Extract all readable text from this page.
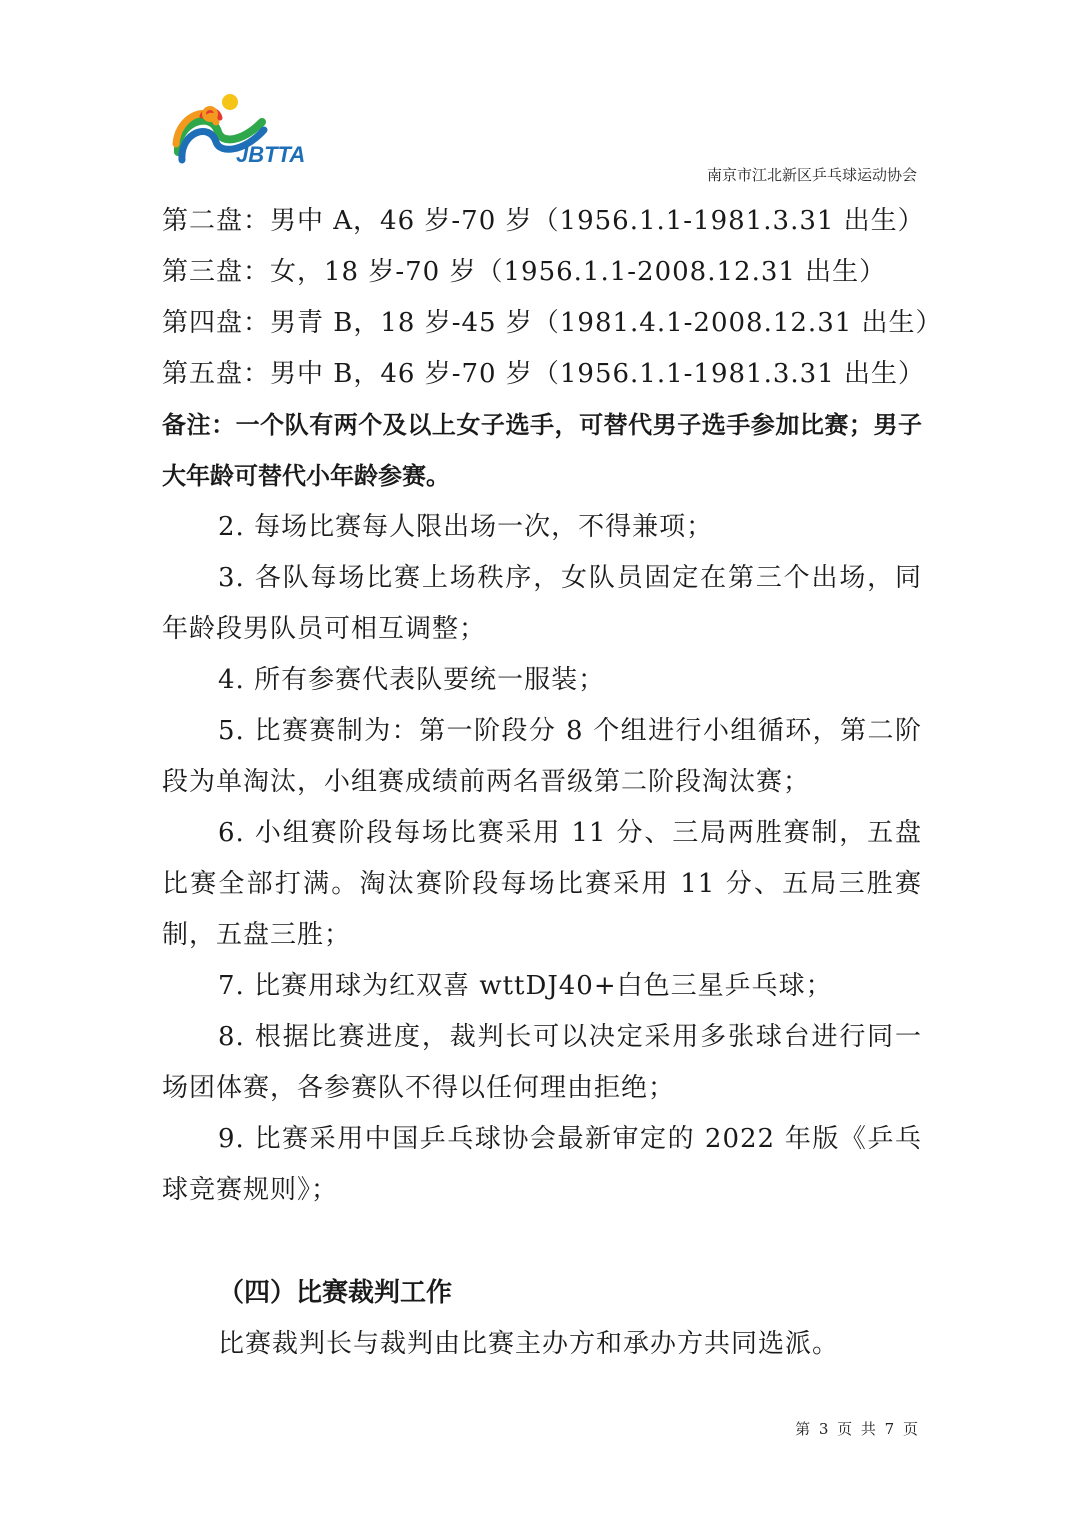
JBTTA
南京市江北新区乒乓球运动协会
第二盘：男中 A，46 岁-70 岁（1956.1.1-1981.3.31 出生）
第三盘：女，18 岁-70 岁（1956.1.1-2008.12.31 出生）
第四盘：男青 B，18 岁-45 岁（1981.4.1-2008.12.31 出生）
第五盘：男中 B，46 岁-70 岁（1956.1.1-1981.3.31 出生）
备注：一个队有两个及以上女子选手，可替代男子选手参加比赛；男子大年龄可替代小年龄参赛。
2. 每场比赛每人限出场一次，不得兼项；
3. 各队每场比赛上场秩序，女队员固定在第三个出场，同年龄段男队员可相互调整；
4. 所有参赛代表队要统一服装；
5. 比赛赛制为：第一阶段分 8 个组进行小组循环，第二阶段为单淘汰，小组赛成绩前两名晋级第二阶段淘汰赛；
6. 小组赛阶段每场比赛采用 11 分、三局两胜赛制，五盘比赛全部打满。淘汰赛阶段每场比赛采用 11 分、五局三胜赛制，五盘三胜；
7. 比赛用球为红双喜 wttDJ40+白色三星乒乓球；
8. 根据比赛进度，裁判长可以决定采用多张球台进行同一场团体赛，各参赛队不得以任何理由拒绝；
9. 比赛采用中国乒乓球协会最新审定的 2022 年版《乒乓球竞赛规则》；
（四）比赛裁判工作
比赛裁判长与裁判由比赛主办方和承办方共同选派。
第 3 页 共 7 页
